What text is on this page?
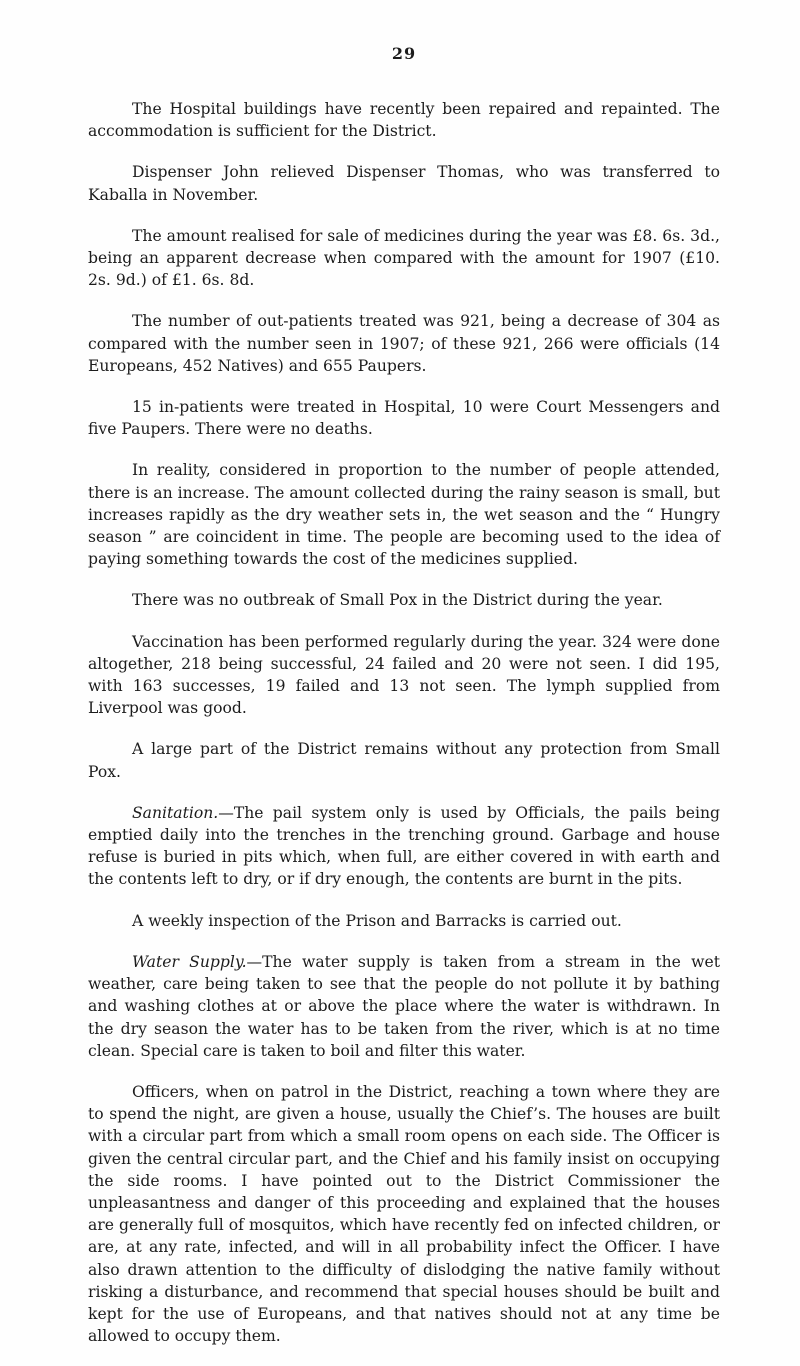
29

The Hospital buildings have recently been repaired and repainted. The accommodation is sufficient for the District.

Dispenser John relieved Dispenser Thomas, who was transferred to Kaballa in November.

The amount realised for sale of medicines during the year was £8. 6s. 3d., being an apparent decrease when compared with the amount for 1907 (£10. 2s. 9d.) of £1. 6s. 8d.

The number of out-patients treated was 921, being a decrease of 304 as compared with the number seen in 1907; of these 921, 266 were officials (14 Europeans, 452 Natives) and 655 Paupers.

15 in-patients were treated in Hospital, 10 were Court Messengers and five Paupers. There were no deaths.

In reality, considered in proportion to the number of people attended, there is an increase. The amount collected during the rainy season is small, but increases rapidly as the dry weather sets in, the wet season and the “ Hungry season ” are coincident in time. The people are becoming used to the idea of paying something towards the cost of the medicines supplied.

There was no outbreak of Small Pox in the District during the year.

Vaccination has been performed regularly during the year. 324 were done altogether, 218 being successful, 24 failed and 20 were not seen. I did 195, with 163 successes, 19 failed and 13 not seen. The lymph supplied from Liverpool was good.

A large part of the District remains without any protection from Small Pox.

Sanitation.—The pail system only is used by Officials, the pails being emptied daily into the trenches in the trenching ground. Garbage and house refuse is buried in pits which, when full, are either covered in with earth and the contents left to dry, or if dry enough, the contents are burnt in the pits.

A weekly inspection of the Prison and Barracks is carried out.

Water Supply.—The water supply is taken from a stream in the wet weather, care being taken to see that the people do not pollute it by bathing and washing clothes at or above the place where the water is withdrawn. In the dry season the water has to be taken from the river, which is at no time clean. Special care is taken to boil and filter this water.

Officers, when on patrol in the District, reaching a town where they are to spend the night, are given a house, usually the Chief’s. The houses are built with a circular part from which a small room opens on each side. The Officer is given the central circular part, and the Chief and his family insist on occupying the side rooms. I have pointed out to the District Commissioner the unpleasantness and danger of this proceeding and explained that the houses are generally full of mosquitos, which have recently fed on infected children, or are, at any rate, infected, and will in all probability infect the Officer. I have also drawn attention to the difficulty of dislodging the native family without risking a disturbance, and recommend that special houses should be built and kept for the use of Europeans, and that natives should not at any time be allowed to occupy them.
